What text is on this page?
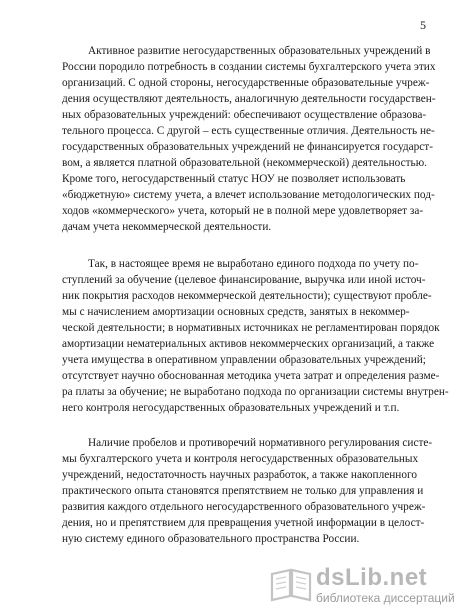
5
Активное развитие негосударственных образовательных учреждений в
России породило потребность в создании системы бухгалтерского учета этих
организаций. С одной стороны, негосударственные образовательные учреж-
дения осуществляют деятельность, аналогичную деятельности государствен-
ных образовательных учреждений: обеспечивают осуществление образова-
тельного процесса. С другой – есть существенные отличия. Деятельность не-
государственных образовательных учреждений не финансируется государст-
вом, а является платной образовательной (некоммерческой) деятельностью.
Кроме того, негосударственный статус НОУ не позволяет использовать
«бюджетную» систему учета, а влечет использование методологических под-
ходов «коммерческого» учета, который не в полной мере удовлетворяет за-
дачам учета некоммерческой деятельности.
Так, в настоящее время не выработано единого подхода по учету по-
ступлений за обучение (целевое финансирование, выручка или иной источ-
ник покрытия расходов некоммерческой деятельности); существуют пробле-
мы с начислением амортизации основных средств, занятых в некоммер-
ческой деятельности; в нормативных источниках не регламентирован порядок
амортизации нематериальных активов некоммерческих организаций, а также
учета имущества в оперативном управлении образовательных учреждений;
отсутствует научно обоснованная методика учета затрат и определения разме-
ра платы за обучение; не выработано подхода по организации системы внутрен-
него контроля негосударственных образовательных учреждений и т.п.
Наличие пробелов и противоречий нормативного регулирования систе-
мы бухгалтерского учета и контроля негосударственных образовательных
учреждений, недостаточность научных разработок, а также накопленного
практического опыта становятся препятствием не только для управления и
развития каждого отдельного негосударственного образовательного учреж-
дения, но и препятствием для превращения учетной информации в целост-
ную систему единого образовательного пространства России.
dsLib.net
библиотека диссертаций
